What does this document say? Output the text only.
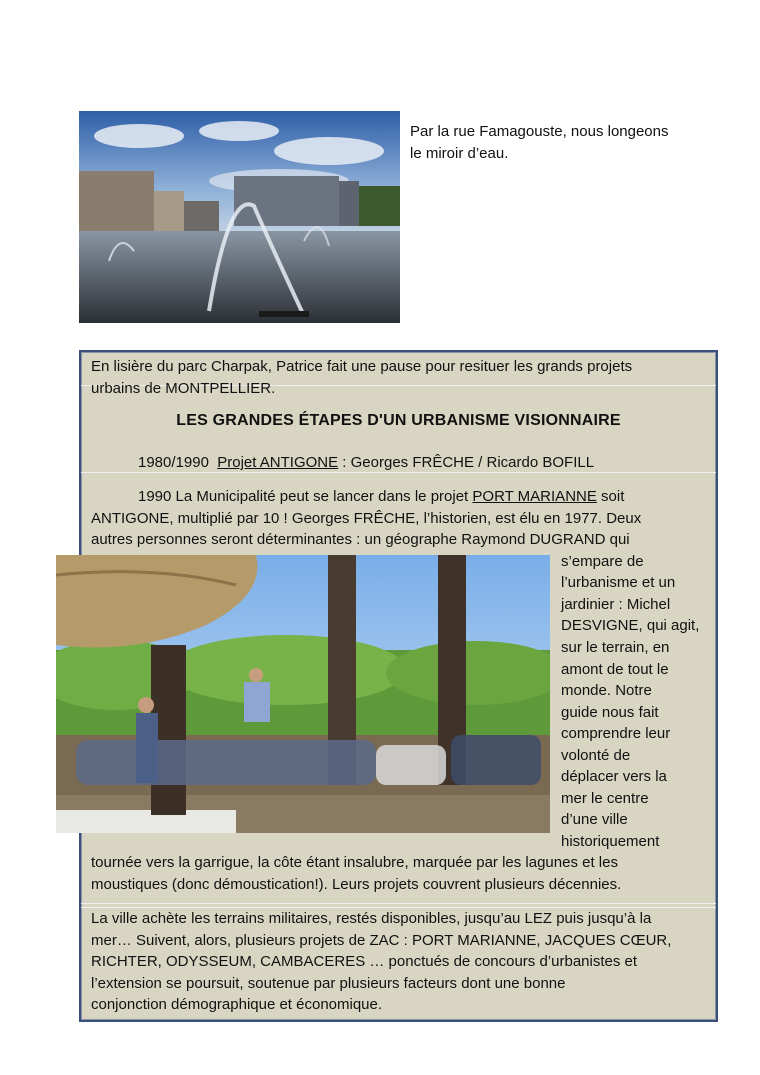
Par la rue Famagouste, nous longeons
le miroir d’eau.
En lisière du parc Charpak, Patrice fait une pause pour resituer les grands projets
urbains de MONTPELLIER.
LES GRANDES ÉTAPES D'UN URBANISME VISIONNAIRE
1980/1990 Projet ANTIGONE : Georges FRÊCHE / Ricardo BOFILL
1990 La Municipalité peut se lancer dans le projet PORT MARIANNE soit
ANTIGONE, multiplié par 10 ! Georges FRÊCHE, l’historien, est élu en 1977. Deux
autres personnes seront déterminantes : un géographe Raymond DUGRAND qui
s’empare de
l’urbanisme et un
jardinier : Michel
DESVIGNE, qui agit,
sur le terrain, en
amont de tout le
monde. Notre
guide nous fait
comprendre leur
volonté de
déplacer vers la
mer le centre
d’une ville
historiquement
tournée vers la garrigue, la côte étant insalubre, marquée par les lagunes et les
moustiques (donc démoustication!). Leurs projets couvrent plusieurs décennies.
La ville achète les terrains militaires, restés disponibles, jusqu’au LEZ puis jusqu’à la
mer… Suivent, alors, plusieurs projets de ZAC : PORT MARIANNE, JACQUES CŒUR,
RICHTER, ODYSSEUM, CAMBACERES … ponctués de concours d’urbanistes et
l’extension se poursuit, soutenue par plusieurs facteurs dont une bonne
conjonction démographique et économique.
